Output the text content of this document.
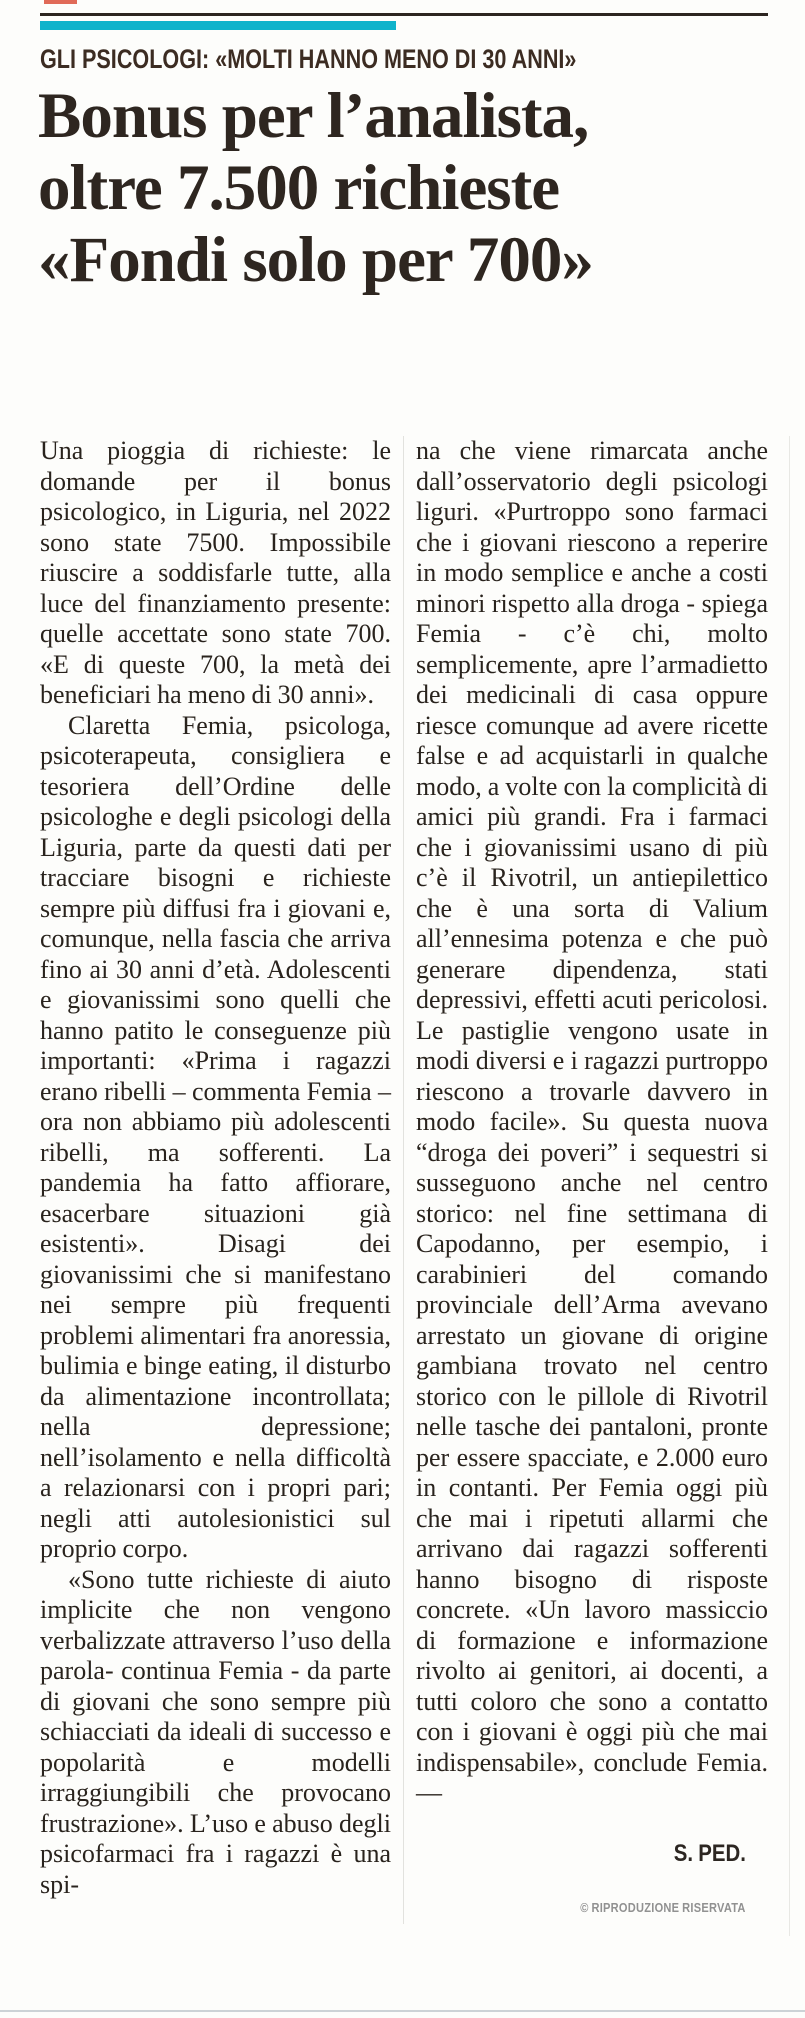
GLI PSICOLOGI: «MOLTI HANNO MENO DI 30 ANNI»
Bonus per l’analista,
oltre 7.500 richieste
«Fondi solo per 700»

Una pioggia di richieste: le domande per il bonus psicologico, in Liguria, nel 2022 sono state 7500. Impossibile riuscire a soddisfarle tutte, alla luce del finanziamento presente: quelle accettate sono state 700. «E di queste 700, la metà dei beneficiari ha meno di 30 anni».

Claretta Femia, psicologa, psicoterapeuta, consigliera e tesoriera dell’Ordine delle psicologhe e degli psicologi della Liguria, parte da questi dati per tracciare bisogni e richieste sempre più diffusi fra i giovani e, comunque, nella fascia che arriva fino ai 30 anni d’età. Adolescenti e giovanissimi sono quelli che hanno patito le conseguenze più importanti: «Prima i ragazzi erano ribelli – commenta Femia – ora non abbiamo più adolescenti ribelli, ma sofferenti. La pandemia ha fatto affiorare, esacerbare situazioni già esistenti». Disagi dei giovanissimi che si manifestano nei sempre più frequenti problemi alimentari fra anoressia, bulimia e binge eating, il disturbo da alimentazione incontrollata; nella depressione; nell’isolamento e nella difficoltà a relazionarsi con i propri pari; negli atti autolesionistici sul proprio corpo.

«Sono tutte richieste di aiuto implicite che non vengono verbalizzate attraverso l’uso della parola- continua Femia - da parte di giovani che sono sempre più schiacciati da ideali di successo e popolarità e modelli irraggiungibili che provocano frustrazione». L’uso e abuso degli psicofarmaci fra i ragazzi è una spi-

na che viene rimarcata anche dall’osservatorio degli psicologi liguri. «Purtroppo sono farmaci che i giovani riescono a reperire in modo semplice e anche a costi minori rispetto alla droga - spiega Femia - c’è chi, molto semplicemente, apre l’armadietto dei medicinali di casa oppure riesce comunque ad avere ricette false e ad acquistarli in qualche modo, a volte con la complicità di amici più grandi. Fra i farmaci che i giovanissimi usano di più c’è il Rivotril, un antiepilettico che è una sorta di Valium all’ennesima potenza e che può generare dipendenza, stati depressivi, effetti acuti pericolosi. Le pastiglie vengono usate in modi diversi e i ragazzi purtroppo riescono a trovarle davvero in modo facile». Su questa nuova “droga dei poveri” i sequestri si susseguono anche nel centro storico: nel fine settimana di Capodanno, per esempio, i carabinieri del comando provinciale dell’Arma avevano arrestato un giovane di origine gambiana trovato nel centro storico con le pillole di Rivotril nelle tasche dei pantaloni, pronte per essere spacciate, e 2.000 euro in contanti. Per Femia oggi più che mai i ripetuti allarmi che arrivano dai ragazzi sofferenti hanno bisogno di risposte concrete. «Un lavoro massiccio di formazione e informazione rivolto ai genitori, ai docenti, a tutti coloro che sono a contatto con i giovani è oggi più che mai indispensabile», conclude Femia.—

S. PED.
© RIPRODUZIONE RISERVATA
